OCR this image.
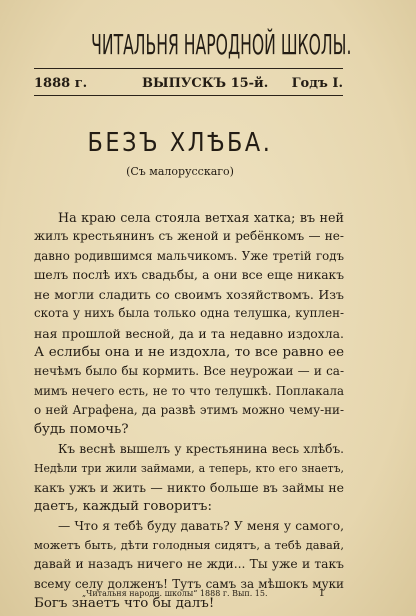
ЧИТАЛЬНЯ НАРОДНОЙ ШКОЛЫ.
1888 г.	ВЫПУСКЪ 15-й. Годъ I.
БЕЗЪ ХЛѢБА.
(Съ малорусскаго)
На краю села стояла ветхая хатка; въ ней
жилъ крестьянинъ съ женой и ребёнкомъ — не-
давно родившимся мальчикомъ. Уже третій годъ
шелъ послѣ ихъ свадьбы, а они все еще никакъ
не могли сладить со своимъ хозяйствомъ. Изъ
скота у нихъ была только одна телушка, куплен-
ная прошлой весной, да и та недавно издохла.
А еслибы она и не издохла, то все равно ее
нечѣмъ было бы кормить. Все неурожаи — и са-
мимъ нечего есть, не то что телушкѣ. Поплакала
о ней Аграфена, да развѣ этимъ можно чему-ни-
будь помочь?
Къ веснѣ вышелъ у крестьянина весь хлѣбъ.
Недѣли три жили займами, а теперь, кто его знаетъ,
какъ ужъ и жить — никто больше въ займы не
даетъ, каждый говоритъ:
— Что я тебѣ буду давать? У меня у самого,
можетъ быть, дѣти голодныя сидятъ, а тебѣ давай,
давай и назадъ ничего не жди... Ты уже и такъ
всему селу долженъ! Тутъ самъ за мѣшокъ муки
Богъ знаетъ что бы далъ!
„Читальня народн. школы“ 1888 г. Вып. 15.	1
